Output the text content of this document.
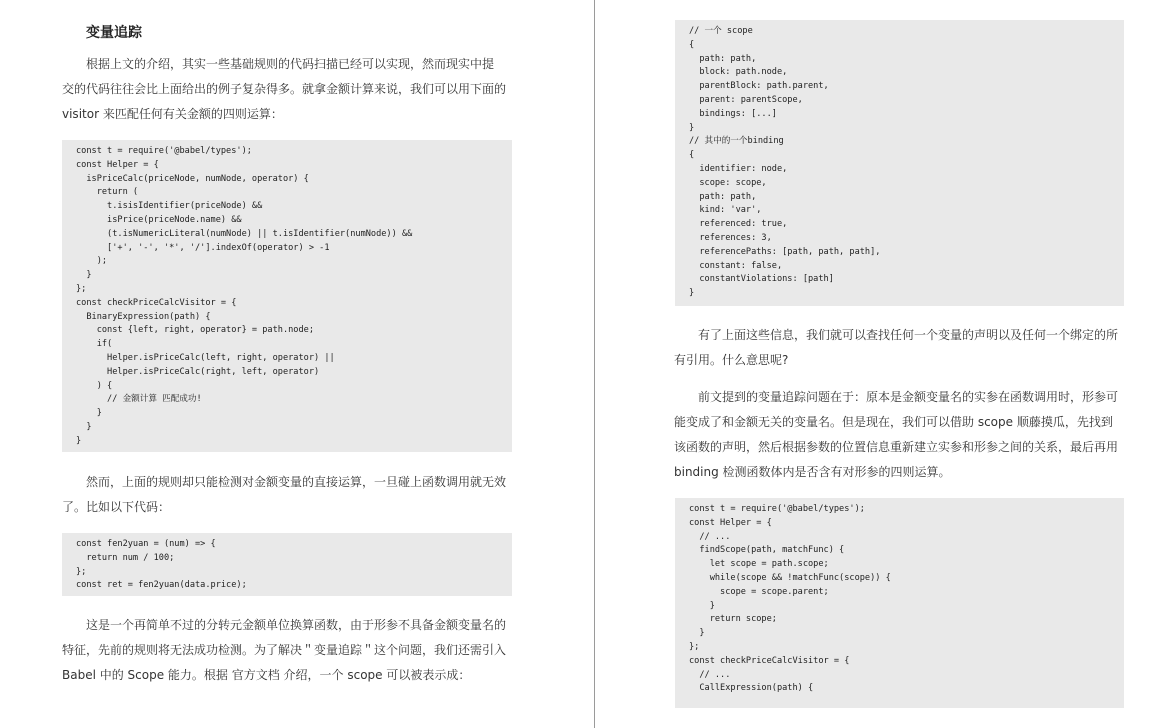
变量追踪
根据上文的介绍，其实一些基础规则的代码扫描已经可以实现，然而现实中提
交的代码往往会比上面给出的例子复杂得多。就拿金额计算来说，我们可以用下面的
visitor 来匹配任何有关金额的四则运算：
const t = require('@babel/types');
const Helper = {
isPriceCalc(priceNode, numNode, operator) {
return (
t.isisIdentifier(priceNode) &&
isPrice(priceNode.name) &&
(t.isNumericLiteral(numNode) || t.isIdentifier(numNode)) &&
['+', '-', '*', '/'].indexOf(operator) > -1
);
}
};
const checkPriceCalcVisitor = {
BinaryExpression(path) {
const {left, right, operator} = path.node;
if(
Helper.isPriceCalc(left, right, operator) ||
Helper.isPriceCalc(right, left, operator)
) {
// 金额计算 匹配成功!
}
}
}
然而，上面的规则却只能检测对金额变量的直接运算，一旦碰上函数调用就无效
了。比如以下代码：
const fen2yuan = (num) => {
return num / 100;
};
const ret = fen2yuan(data.price);
这是一个再简单不过的分转元金额单位换算函数，由于形参不具备金额变量名的
特征，先前的规则将无法成功检测。为了解决＂变量追踪＂这个问题，我们还需引入
Babel 中的 Scope 能力。根据 官方文档 介绍，一个 scope 可以被表示成：
// 一个 scope
{
path: path,
block: path.node,
parentBlock: path.parent,
parent: parentScope,
bindings: [...]
}
// 其中的一个binding
{
identifier: node,
scope: scope,
path: path,
kind: 'var',
referenced: true,
references: 3,
referencePaths: [path, path, path],
constant: false,
constantViolations: [path]
}
有了上面这些信息，我们就可以查找任何一个变量的声明以及任何一个绑定的所
有引用。什么意思呢?
前文提到的变量追踪问题在于：原本是金额变量名的实参在函数调用时，形参可
能变成了和金额无关的变量名。但是现在，我们可以借助 scope 顺藤摸瓜，先找到
该函数的声明，然后根据参数的位置信息重新建立实参和形参之间的关系，最后再用
binding 检测函数体内是否含有对形参的四则运算。
const t = require('@babel/types');
const Helper = {
// ...
findScope(path, matchFunc) {
let scope = path.scope;
while(scope && !matchFunc(scope)) {
scope = scope.parent;
}
return scope;
}
};
const checkPriceCalcVisitor = {
// ...
CallExpression(path) {
